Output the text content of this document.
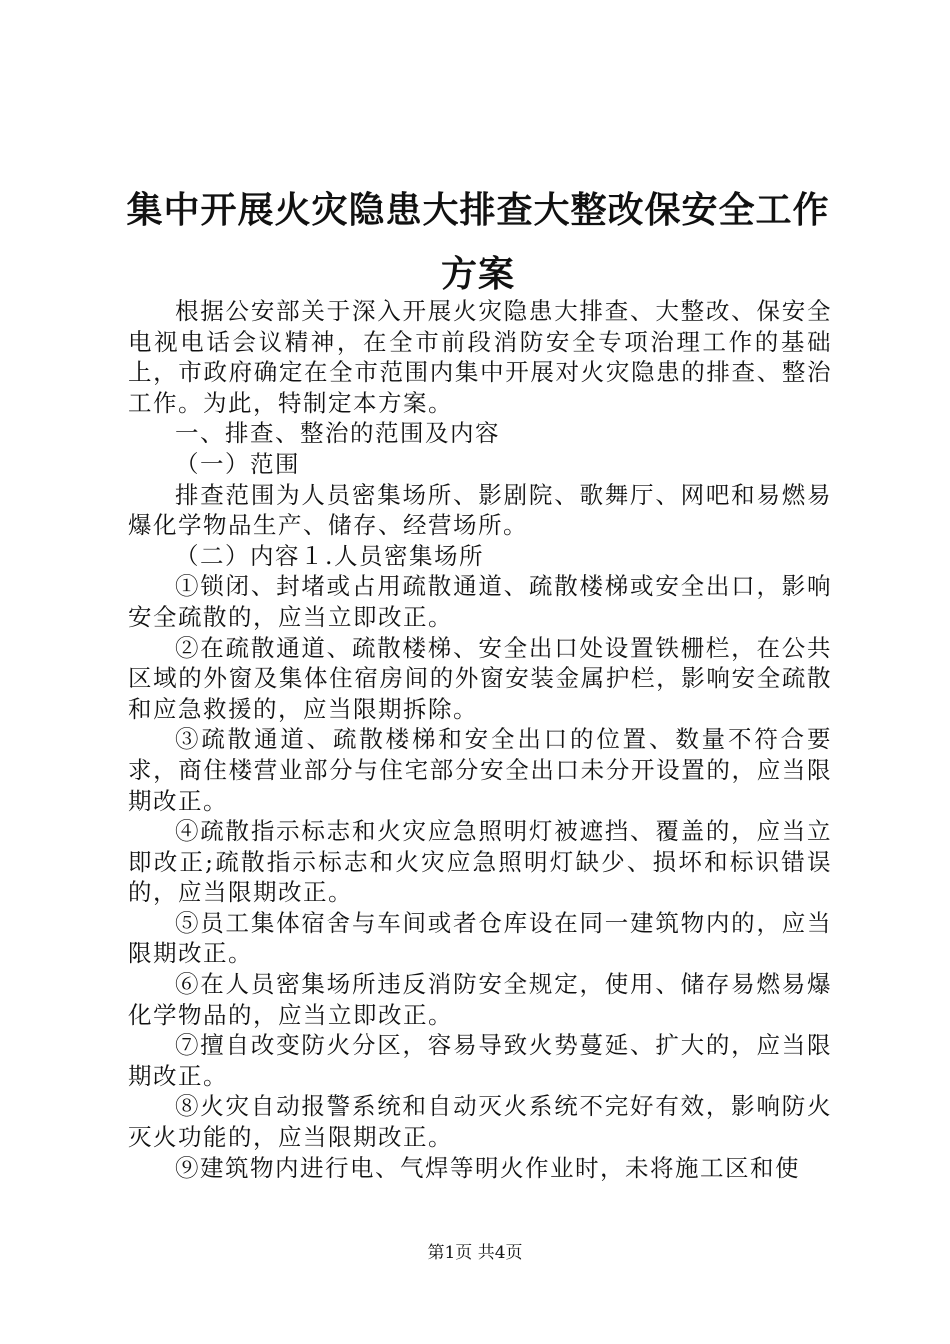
集中开展火灾隐患大排查大整改保安全工作方案

根据公安部关于深入开展火灾隐患大排查、大整改、保安全电视电话会议精神，在全市前段消防安全专项治理工作的基础上，市政府确定在全市范围内集中开展对火灾隐患的排查、整治工作。为此，特制定本方案。

一、排查、整治的范围及内容

（一）范围

排查范围为人员密集场所、影剧院、歌舞厅、网吧和易燃易爆化学物品生产、储存、经营场所。

（二）内容１.人员密集场所

①锁闭、封堵或占用疏散通道、疏散楼梯或安全出口，影响安全疏散的，应当立即改正。

②在疏散通道、疏散楼梯、安全出口处设置铁栅栏，在公共区域的外窗及集体住宿房间的外窗安装金属护栏，影响安全疏散和应急救援的，应当限期拆除。

③疏散通道、疏散楼梯和安全出口的位置、数量不符合要求，商住楼营业部分与住宅部分安全出口未分开设置的，应当限期改正。

④疏散指示标志和火灾应急照明灯被遮挡、覆盖的，应当立即改正;疏散指示标志和火灾应急照明灯缺少、损坏和标识错误的，应当限期改正。

⑤员工集体宿舍与车间或者仓库设在同一建筑物内的，应当限期改正。

⑥在人员密集场所违反消防安全规定，使用、储存易燃易爆化学物品的，应当立即改正。

⑦擅自改变防火分区，容易导致火势蔓延、扩大的，应当限期改正。

⑧火灾自动报警系统和自动灭火系统不完好有效，影响防火灭火功能的，应当限期改正。

⑨建筑物内进行电、气焊等明火作业时，未将施工区和使

第1页 共4页
